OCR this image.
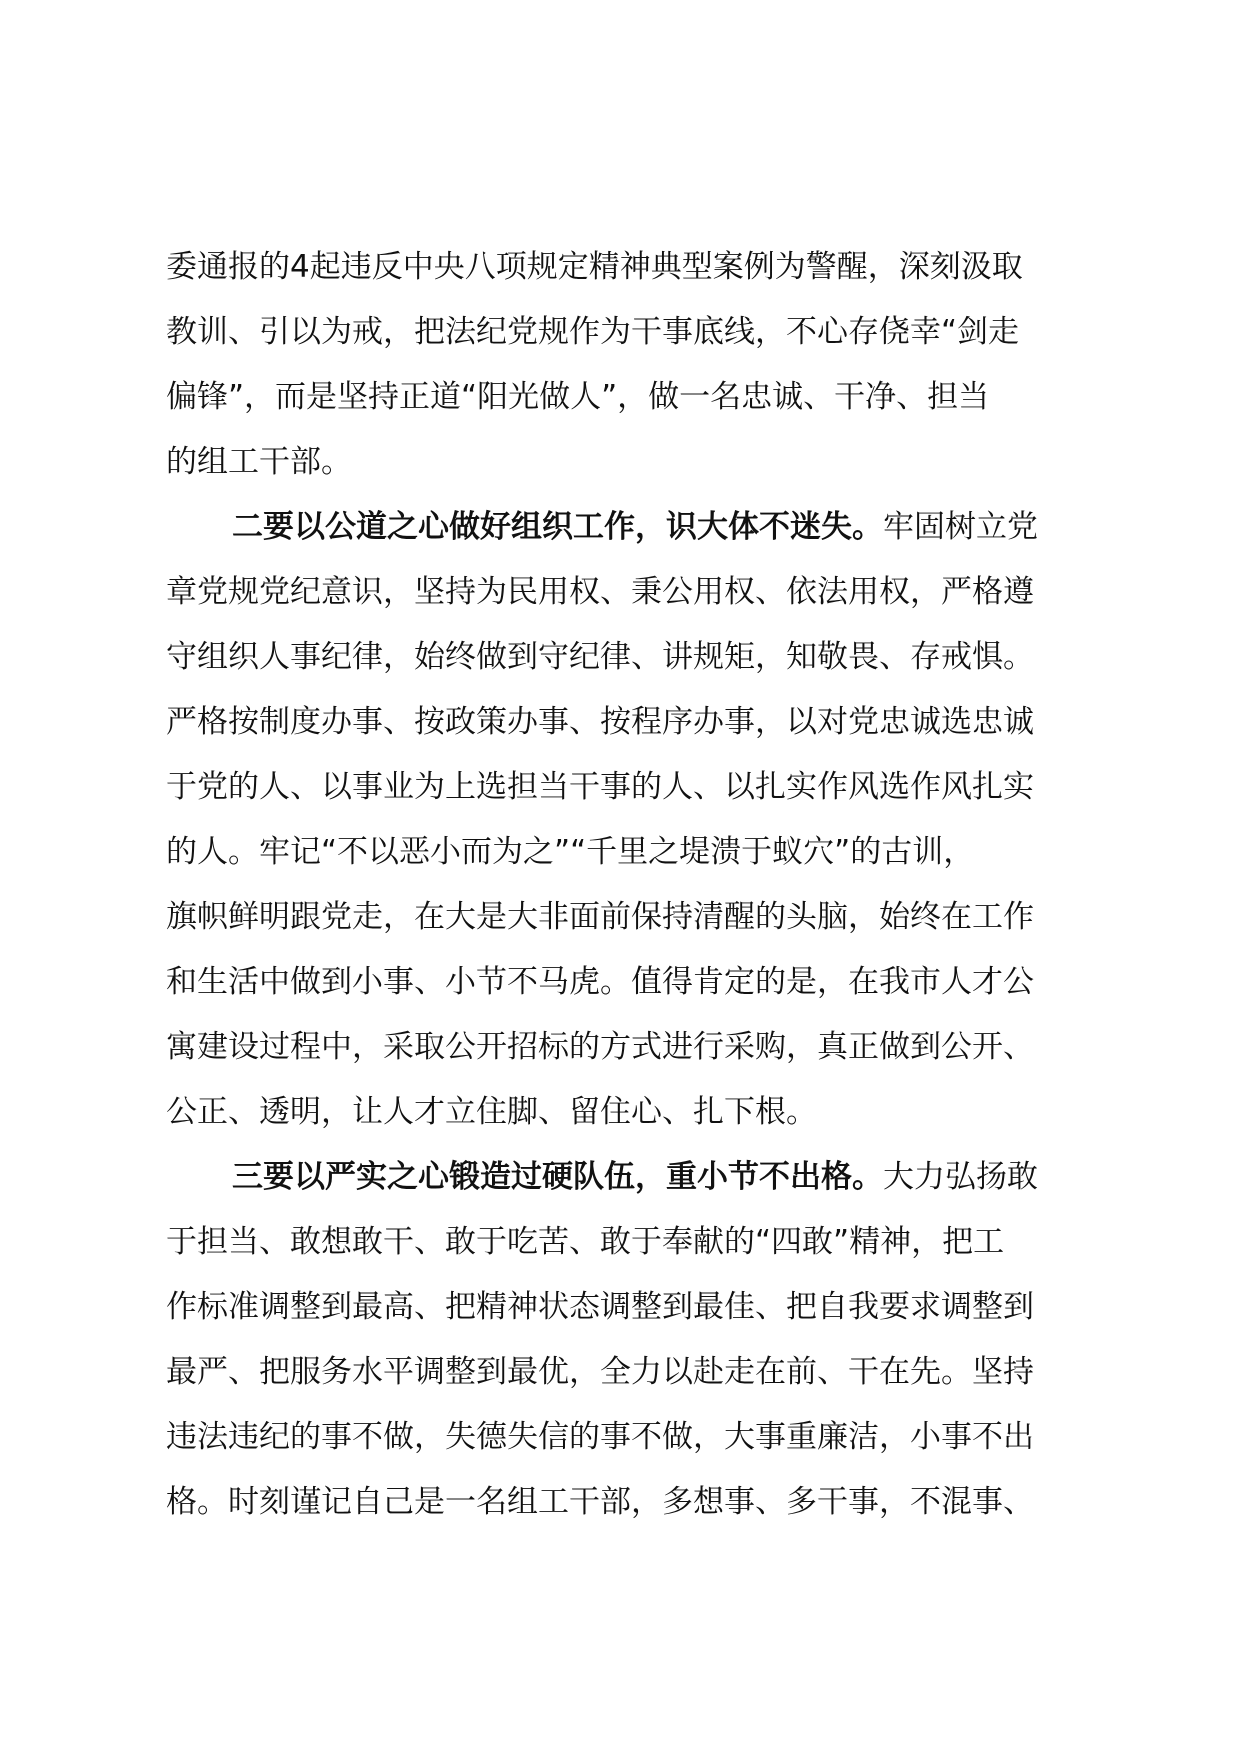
委通报的4起违反中央八项规定精神典型案例为警醒，深刻汲取
教训、引以为戒，把法纪党规作为干事底线，不心存侥幸“剑走
偏锋”，而是坚持正道“阳光做人”，做一名忠诚、干净、担当
的组工干部。
二要以公道之心做好组织工作，识大体不迷失。牢固树立党
章党规党纪意识，坚持为民用权、秉公用权、依法用权，严格遵
守组织人事纪律，始终做到守纪律、讲规矩，知敬畏、存戒惧。
严格按制度办事、按政策办事、按程序办事，以对党忠诚选忠诚
于党的人、以事业为上选担当干事的人、以扎实作风选作风扎实
的人。牢记“不以恶小而为之”“千里之堤溃于蚁穴”的古训，
旗帜鲜明跟党走，在大是大非面前保持清醒的头脑，始终在工作
和生活中做到小事、小节不马虎。值得肯定的是，在我市人才公
寓建设过程中，采取公开招标的方式进行采购，真正做到公开、
公正、透明，让人才立住脚、留住心、扎下根。
三要以严实之心锻造过硬队伍，重小节不出格。大力弘扬敢
于担当、敢想敢干、敢于吃苦、敢于奉献的“四敢”精神，把工
作标准调整到最高、把精神状态调整到最佳、把自我要求调整到
最严、把服务水平调整到最优，全力以赴走在前、干在先。坚持
违法违纪的事不做，失德失信的事不做，大事重廉洁，小事不出
格。时刻谨记自己是一名组工干部，多想事、多干事，不混事、
